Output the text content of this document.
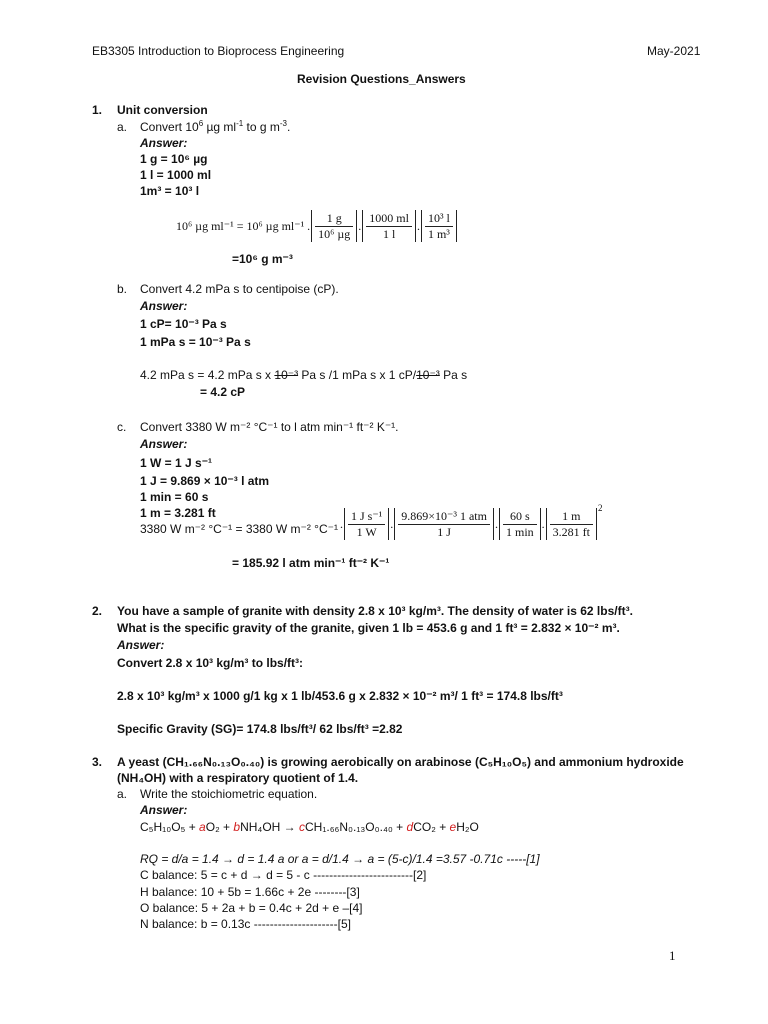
EB3305 Introduction to Bioprocess Engineering	May-2021
Revision Questions_Answers
1. Unit conversion
a. Convert $10^6$ µg $ml^{-1}$ to g $m^{-3}$.
Answer:
1 g = 10⁶ µg
1 l = 1000 ml
1m³ = 10³ l
10⁶ µg ml⁻¹ = 10⁶ µg ml⁻¹ . $\frac{1 g}{\text{10⁶ µg}}$ . $\frac{1000 ml}{1 l}$ . $\frac{\text{10³ l}}{\text{1 m³}}$
=10⁶ g m⁻³
b. Convert 4.2 mPa s to centipoise (cP).
Answer:
1 cP= 10⁻³ Pa s
1 mPa s = 10⁻³ Pa s
4.2 mPa s = 4.2 mPa s x 10⁻³ Pa s /1 mPa s x 1 cP/10⁻³ Pa s
= 4.2 cP
c. Convert 3380 W m⁻² °C⁻¹ to l atm min⁻¹ ft⁻² K⁻¹.
Answer:
1 W = 1 J s⁻¹
1 J = 9.869 × 10⁻³ l atm
1 min = 60 s
1 m = 3.281 ft
3380 W m⁻² °C⁻¹ = 3380 W m⁻² °C⁻¹ . $\frac{\text{1 J s⁻¹}}{1 W}$ . $\frac{\text{9.869×10⁻³ 1 atm}}{1 J}$ . $\frac{60 s}{1 \min}$ . $\frac{1 m}{3.281 ft}$
2
= 185.92 l atm min⁻¹ ft⁻² K⁻¹
2. You have a sample of granite with density 2.8 x 10³ kg/m³. The density of water is 62 lbs/ft³.
What is the specific gravity of the granite, given 1 lb = 453.6 g and 1 ft³ = 2.832 × 10⁻² m³.
Answer:
Convert 2.8 x 10³ kg/m³ to lbs/ft³:
2.8 x 10³ kg/m³ x 1000 g/1 kg x 1 lb/453.6 g x 2.832 × 10⁻² m³/ 1 ft³ = 174.8 lbs/ft³
Specific Gravity (SG)= 174.8 lbs/ft³/ 62 lbs/ft³ =2.82
3. A yeast (CH₁.₆₆N₀.₁₃O₀.₄₀) is growing aerobically on arabinose (C₅H₁₀O₅) and ammonium hydroxide
(NH₄OH) with a respiratory quotient of 1.4.
a. Write the stoichiometric equation.
Answer:
C₅H₁₀O₅ + aO₂ + bNH₄OH → cCH₁.₆₆N₀.₁₃O₀.₄₀ + dCO₂ + eH₂O
RQ = d/a = 1.4 → d = 1.4 a or a = d/1.4 → a = (5-c)/1.4 =3.57 -0.71c -----[1]
C balance: 5 = c + d → d = 5 - c -------------------------[2]
H balance: 10 + 5b = 1.66c + 2e --------[3]
O balance: 5 + 2a + b = 0.4c + 2d + e –[4]
N balance: b = 0.13c ---------------------[5]
1
